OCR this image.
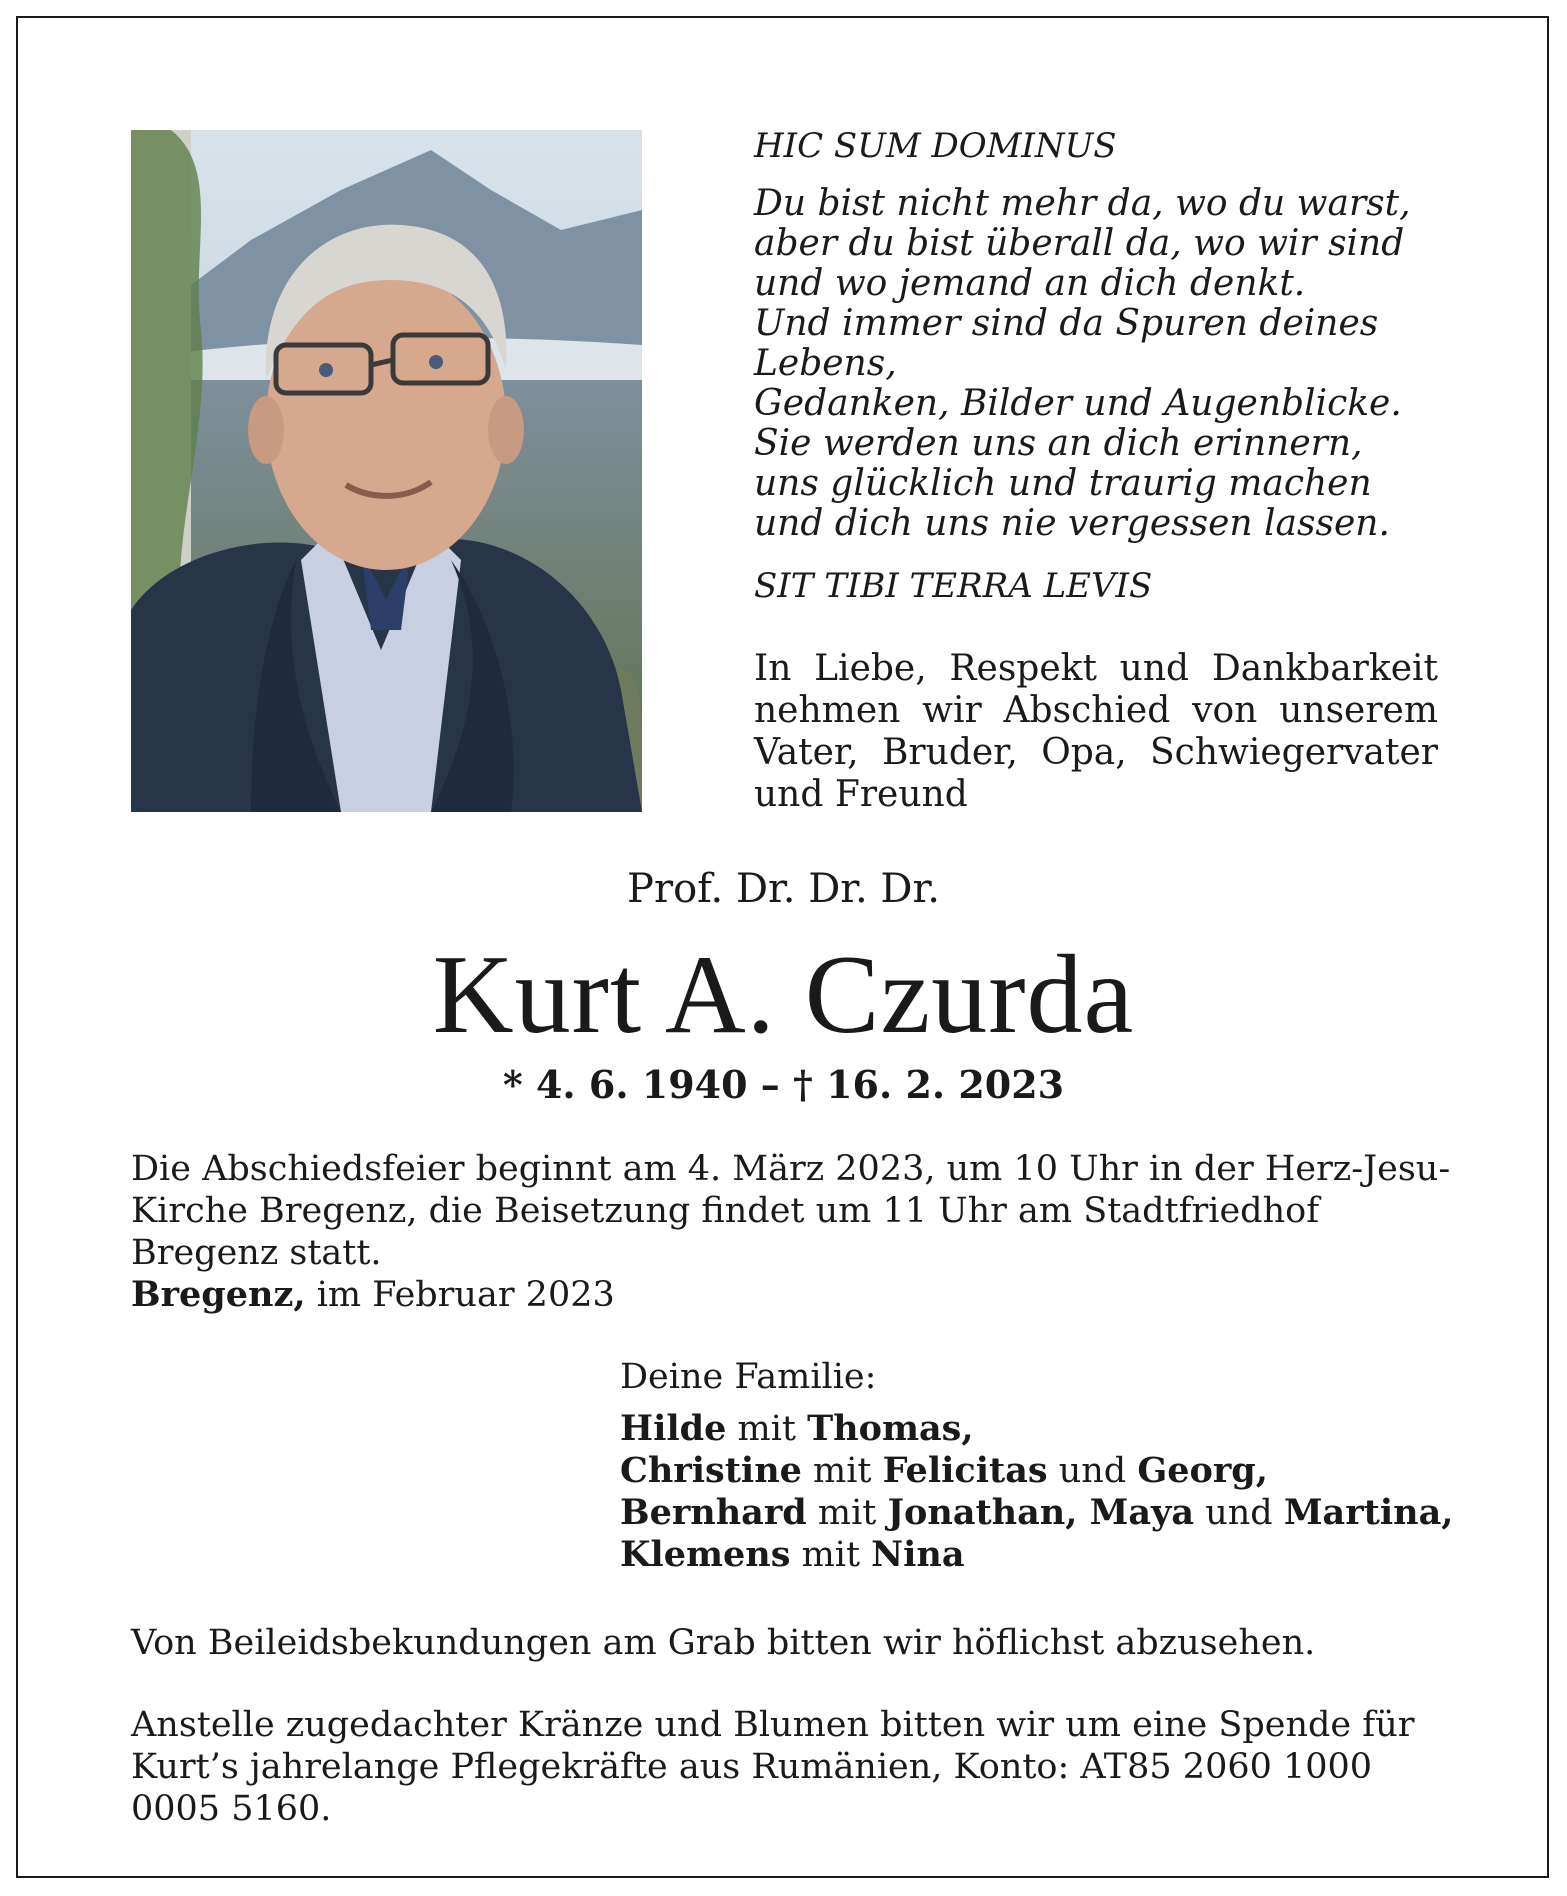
HIC SUM DOMINUS
Du bist nicht mehr da, wo du warst,
aber du bist überall da, wo wir sind
und wo jemand an dich denkt.
Und immer sind da Spuren deines Lebens,
Gedanken, Bilder und Augenblicke.
Sie werden uns an dich erinnern,
uns glücklich und traurig machen
und dich uns nie vergessen lassen.
SIT TIBI TERRA LEVIS
In Liebe, Respekt und Dankbarkeit nehmen wir Abschied von unserem Vater, Bruder, Opa, Schwiegervater und Freund
Prof. Dr. Dr. Dr.
Kurt A. Czurda
* 4. 6. 1940 – † 16. 2. 2023
Die Abschiedsfeier beginnt am 4. März 2023, um 10 Uhr in der Herz-Jesu-Kirche Bregenz, die Beisetzung findet um 11 Uhr am Stadtfriedhof Bregenz statt.
Bregenz, im Februar 2023
Deine Familie:
Hilde mit Thomas,
Christine mit Felicitas und Georg,
Bernhard mit Jonathan, Maya und Martina,
Klemens mit Nina
Von Beileidsbekundungen am Grab bitten wir höflichst abzusehen.
Anstelle zugedachter Kränze und Blumen bitten wir um eine Spende für Kurt’s jahrelange Pflegekräfte aus Rumänien, Konto: AT85 2060 1000 0005 5160.
